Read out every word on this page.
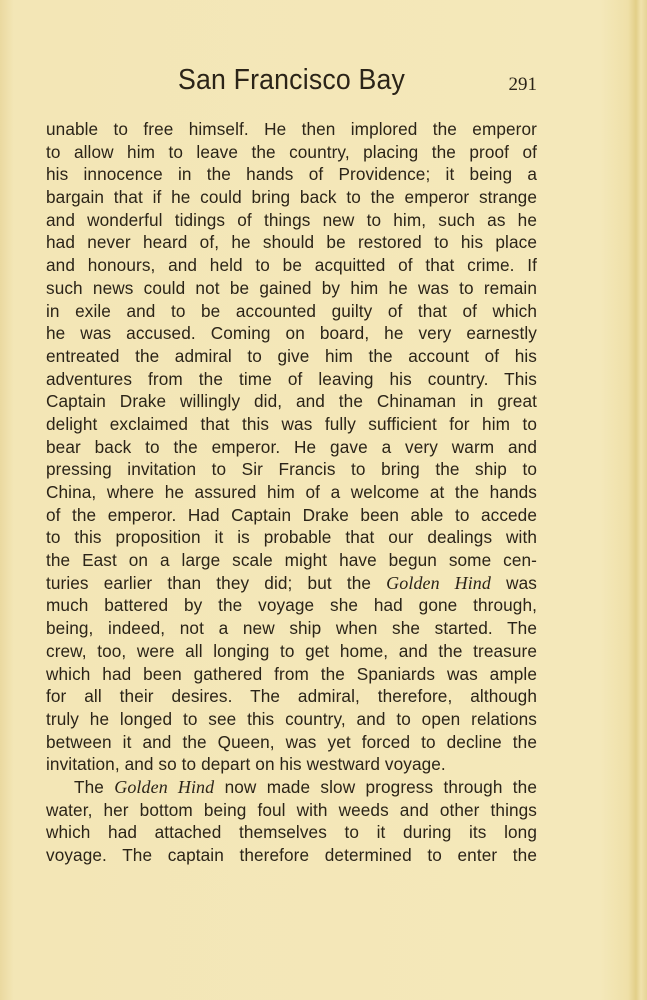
San Francisco Bay	291
unable to free himself. He then implored the emperor
to allow him to leave the country, placing the proof of
his innocence in the hands of Providence; it being a
bargain that if he could bring back to the emperor strange
and wonderful tidings of things new to him, such as he
had never heard of, he should be restored to his place
and honours, and held to be acquitted of that crime. If
such news could not be gained by him he was to remain
in exile and to be accounted guilty of that of which
he was accused. Coming on board, he very earnestly
entreated the admiral to give him the account of his
adventures from the time of leaving his country. This
Captain Drake willingly did, and the Chinaman in great
delight exclaimed that this was fully sufficient for him to
bear back to the emperor. He gave a very warm and
pressing invitation to Sir Francis to bring the ship to
China, where he assured him of a welcome at the hands
of the emperor. Had Captain Drake been able to accede
to this proposition it is probable that our dealings with
the East on a large scale might have begun some cen-
turies earlier than they did; but the Golden Hind was
much battered by the voyage she had gone through,
being, indeed, not a new ship when she started. The
crew, too, were all longing to get home, and the treasure
which had been gathered from the Spaniards was ample
for all their desires. The admiral, therefore, although
truly he longed to see this country, and to open relations
between it and the Queen, was yet forced to decline the
invitation, and so to depart on his westward voyage.
The Golden Hind now made slow progress through the
water, her bottom being foul with weeds and other things
which had attached themselves to it during its long
voyage. The captain therefore determined to enter the
